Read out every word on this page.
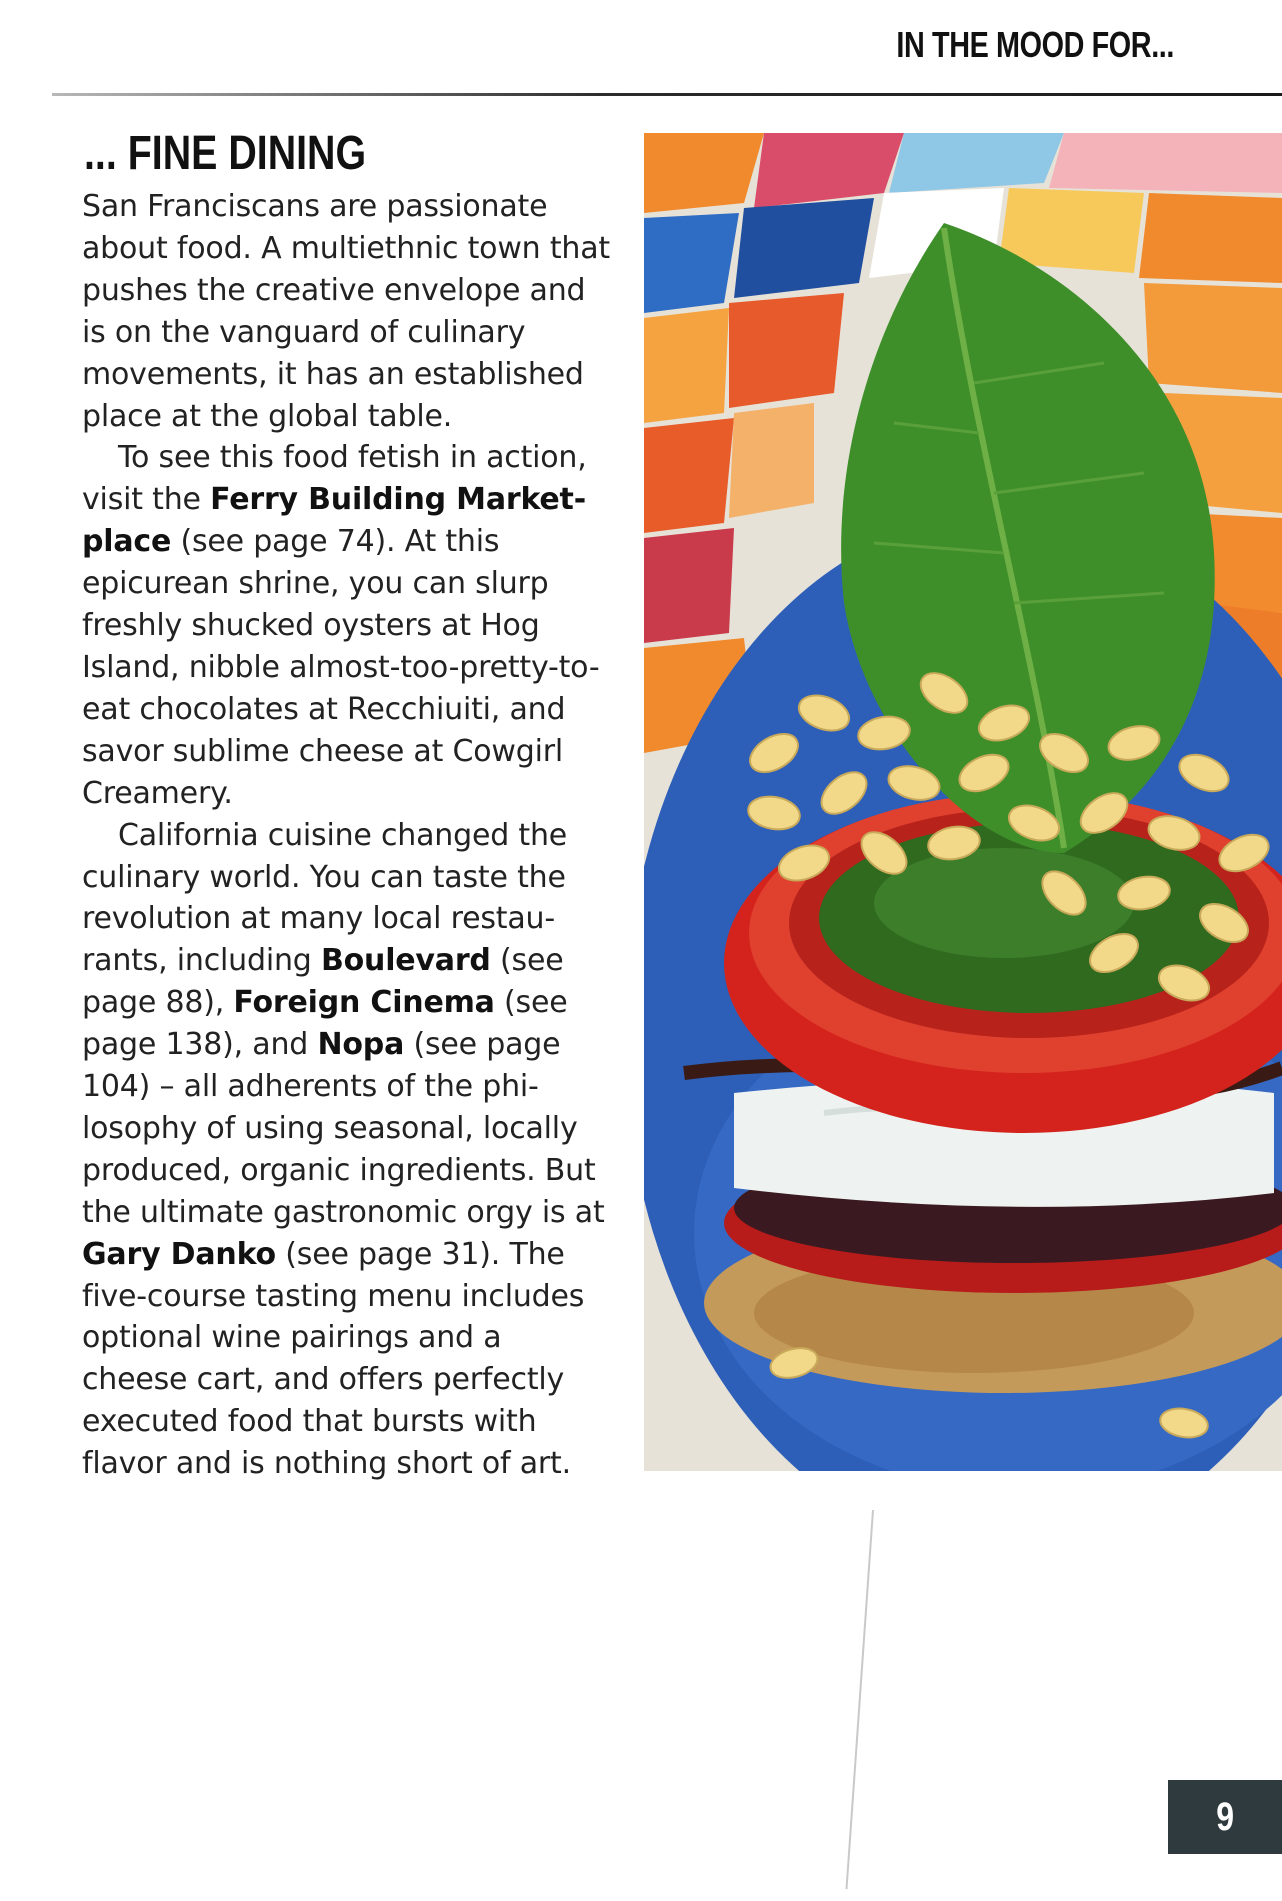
IN THE MOOD FOR...
... FINE DINING

San Franciscans are passionate about food. A multiethnic town that pushes the creative envelope and is on the vanguard of culinary movements, it has an established place at the global table.

To see this food fetish in action, visit the Ferry Building Marketplace (see page 74). At this epicurean shrine, you can slurp freshly shucked oysters at Hog Island, nibble almost-too-pretty-to-eat chocolates at Recchiuiti, and savor sublime cheese at Cowgirl Creamery.

California cuisine changed the culinary world. You can taste the revolution at many local restaurants, including Boulevard (see page 88), Foreign Cinema (see page 138), and Nopa (see page 104) – all adherents of the philosophy of using seasonal, locally produced, organic ingredients. But the ultimate gastronomic orgy is at Gary Danko (see page 31). The five-course tasting menu includes optional wine pairings and a cheese cart, and offers perfectly executed food that bursts with flavor and is nothing short of art.

9
